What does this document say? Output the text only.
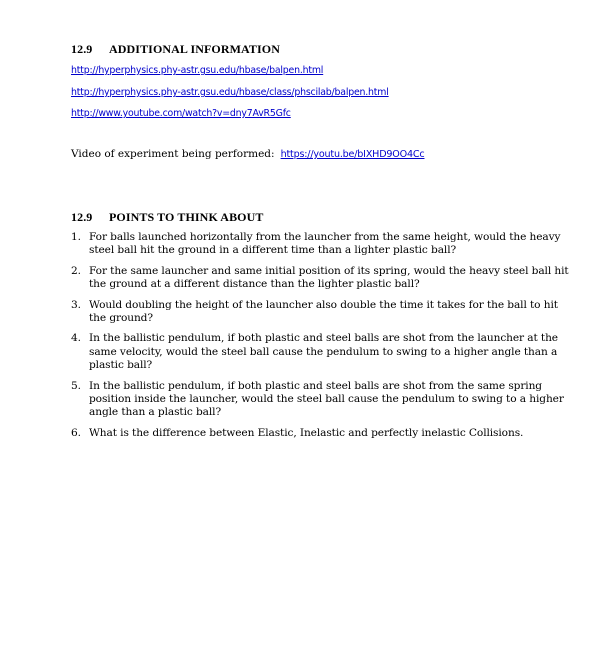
12.9 ADDITIONAL INFORMATION
http://hyperphysics.phy-astr.gsu.edu/hbase/balpen.html
http://hyperphysics.phy-astr.gsu.edu/hbase/class/phscilab/balpen.html
http://www.youtube.com/watch?v=dny7AvR5Gfc
Video of experiment being performed: https://youtu.be/bIXHD9OO4Cc
12.9 POINTS TO THINK ABOUT
1. For balls launched horizontally from the launcher from the same height, would the heavy steel ball hit the ground in a different time than a lighter plastic ball?
2. For the same launcher and same initial position of its spring, would the heavy steel ball hit the ground at a different distance than the lighter plastic ball?
3. Would doubling the height of the launcher also double the time it takes for the ball to hit the ground?
4. In the ballistic pendulum, if both plastic and steel balls are shot from the launcher at the same velocity, would the steel ball cause the pendulum to swing to a higher angle than a plastic ball?
5. In the ballistic pendulum, if both plastic and steel balls are shot from the same spring position inside the launcher, would the steel ball cause the pendulum to swing to a higher angle than a plastic ball?
6. What is the difference between Elastic, Inelastic and perfectly inelastic Collisions.
